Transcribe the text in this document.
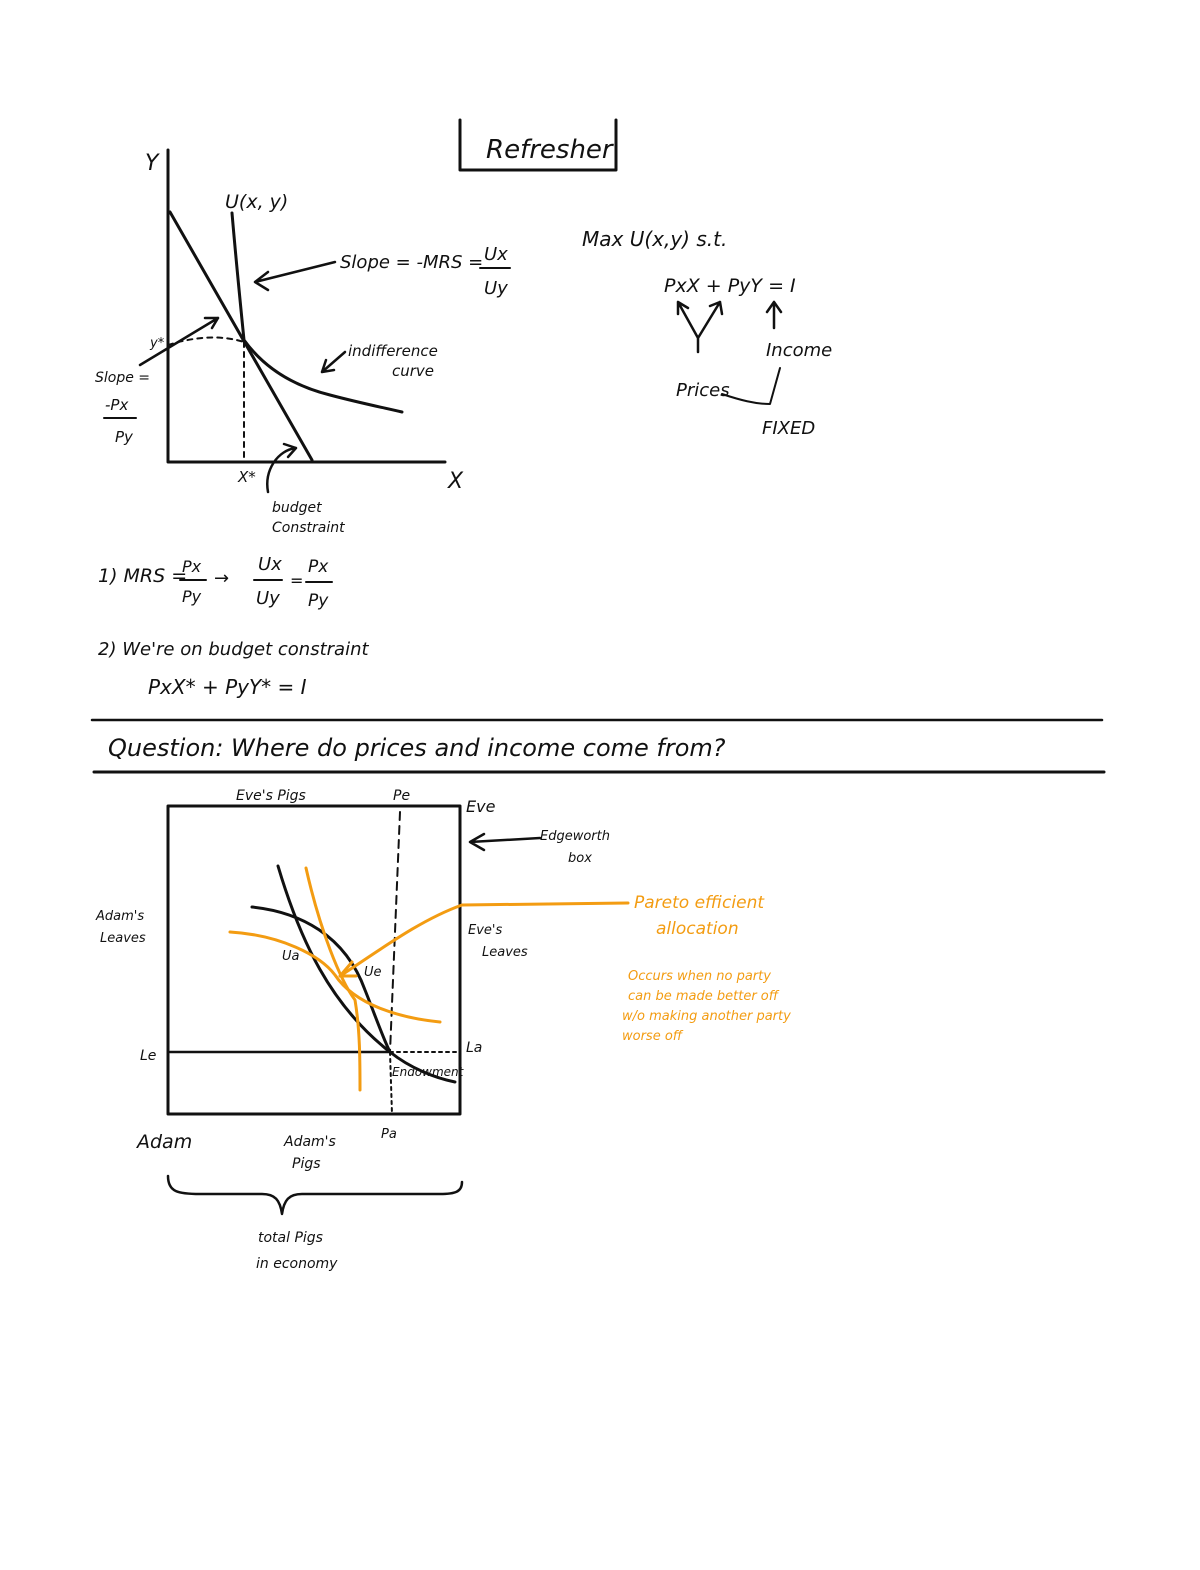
Refresher
Y
X
U(x, y)
Slope = -MRS = Ux
Uy
indifference
curve
budget
Constraint
Slope =
-Px
Py
y*
X*
Max U(x,y) s.t.
PxX + PyY = I
Prices
Income
FIXED
1) MRS =
Px
Py
→
Ux
Uy
=
Px
Py
2) We're on budget constraint
PxX* + PyY* = I
Question: Where do prices and income come from?
Eve's Pigs	Pe
Eve
Adam	Adam's
Pigs
Adam's
Leaves
Eve's
Leaves
Le	La
Pa
Edgeworth
box
Ua
Ue
Endowment
Pareto efficient
allocation
Occurs when no party
can be made better off
w/o making another party
worse off
total Pigs
in economy
